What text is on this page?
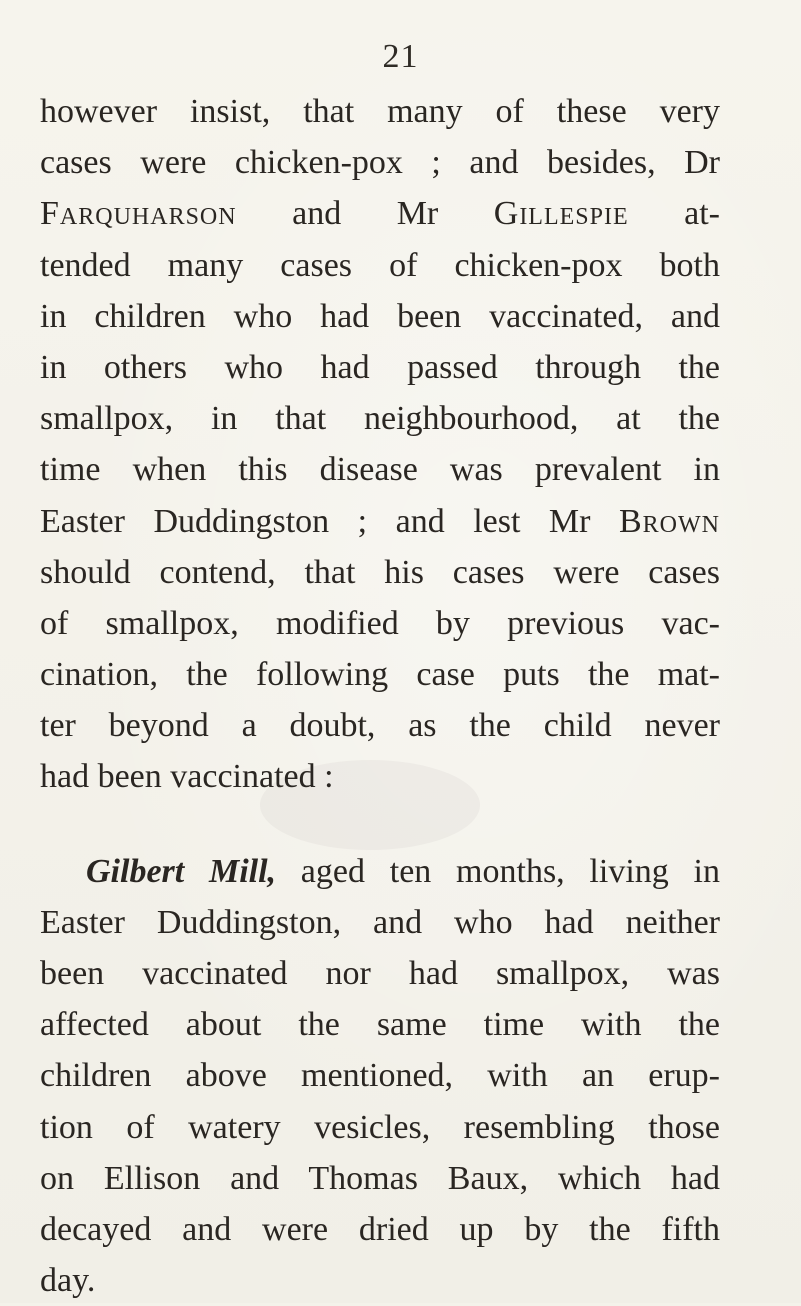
21
however insist, that many of these very
cases were chicken-pox ; and besides, Dr
Farquharson and Mr Gillespie at-
tended many cases of chicken-pox both
in children who had been vaccinated, and
in others who had passed through the
smallpox, in that neighbourhood, at the
time when this disease was prevalent in
Easter Duddingston ; and lest Mr Brown
should contend, that his cases were cases
of smallpox, modified by previous vac-
cination, the following case puts the mat-
ter beyond a doubt, as the child never
had been vaccinated :
Gilbert Mill, aged ten months, living in
Easter Duddingston, and who had neither
been vaccinated nor had smallpox, was
affected about the same time with the
children above mentioned, with an erup-
tion of watery vesicles, resembling those
on Ellison and Thomas Baux, which had
decayed and were dried up by the fifth
day.
